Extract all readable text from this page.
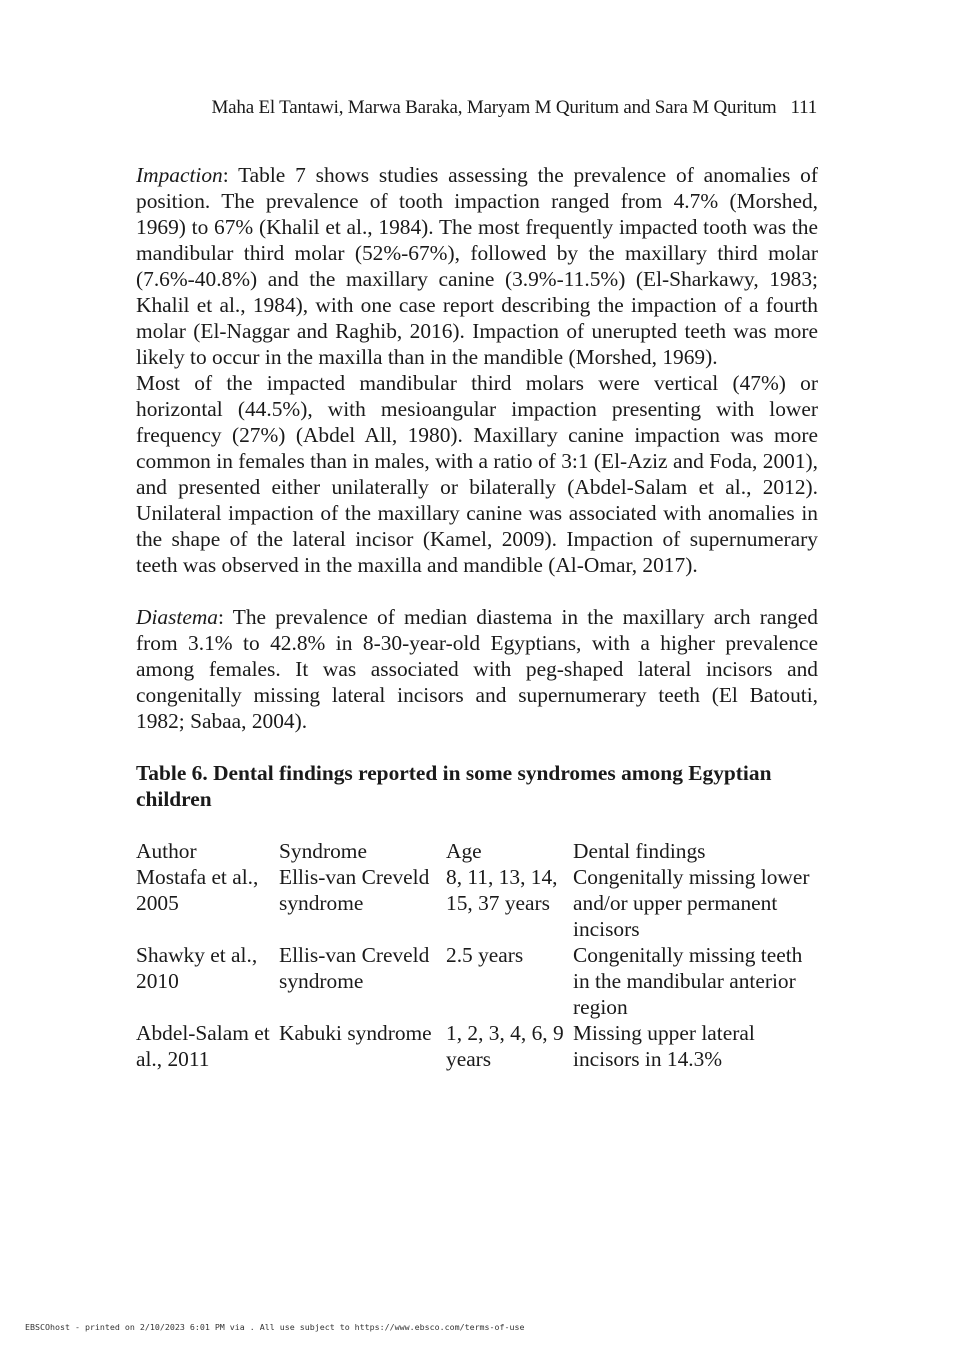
Maha El Tantawi, Marwa Baraka, Maryam M Quritum and Sara M Quritum 111

Impaction: Table 7 shows studies assessing the prevalence of anomalies of position. The prevalence of tooth impaction ranged from 4.7% (Morshed, 1969) to 67% (Khalil et al., 1984). The most frequently impacted tooth was the mandibular third molar (52%-67%), followed by the maxillary third molar (7.6%-40.8%) and the maxillary canine (3.9%-11.5%) (El-Sharkawy, 1983; Khalil et al., 1984), with one case report describing the impaction of a fourth molar (El-Naggar and Raghib, 2016). Impaction of unerupted teeth was more likely to occur in the maxilla than in the mandible (Morshed, 1969).

Most of the impacted mandibular third molars were vertical (47%) or horizontal (44.5%), with mesioangular impaction presenting with lower frequency (27%) (Abdel All, 1980). Maxillary canine impaction was more common in females than in males, with a ratio of 3:1 (El-Aziz and Foda, 2001), and presented either unilaterally or bilaterally (Abdel-Salam et al., 2012). Unilateral impaction of the maxillary canine was associated with anomalies in the shape of the lateral incisor (Kamel, 2009). Impaction of supernumerary teeth was observed in the maxilla and mandible (Al-Omar, 2017).

Diastema: The prevalence of median diastema in the maxillary arch ranged from 3.1% to 42.8% in 8-30-year-old Egyptians, with a higher prevalence among females. It was associated with peg-shaped lateral incisors and congenitally missing lateral incisors and supernumerary teeth (El Batouti, 1982; Sabaa, 2004).

Table 6. Dental findings reported in some syndromes among Egyptian children
Author	Syndrome	Age	Dental findings
Mostafa et al., 2005	Ellis-van Creveld syndrome	8, 11, 13, 14, 15, 37 years	Congenitally missing lower and/or upper permanent incisors
Shawky et al., 2010	Ellis-van Creveld syndrome	2.5 years	Congenitally missing teeth in the mandibular anterior region
Abdel-Salam et al., 2011	Kabuki syndrome	1, 2, 3, 4, 6, 9 years	Missing upper lateral incisors in 14.3%
EBSCOhost - printed on 2/10/2023 6:01 PM via . All use subject to https://www.ebsco.com/terms-of-use
